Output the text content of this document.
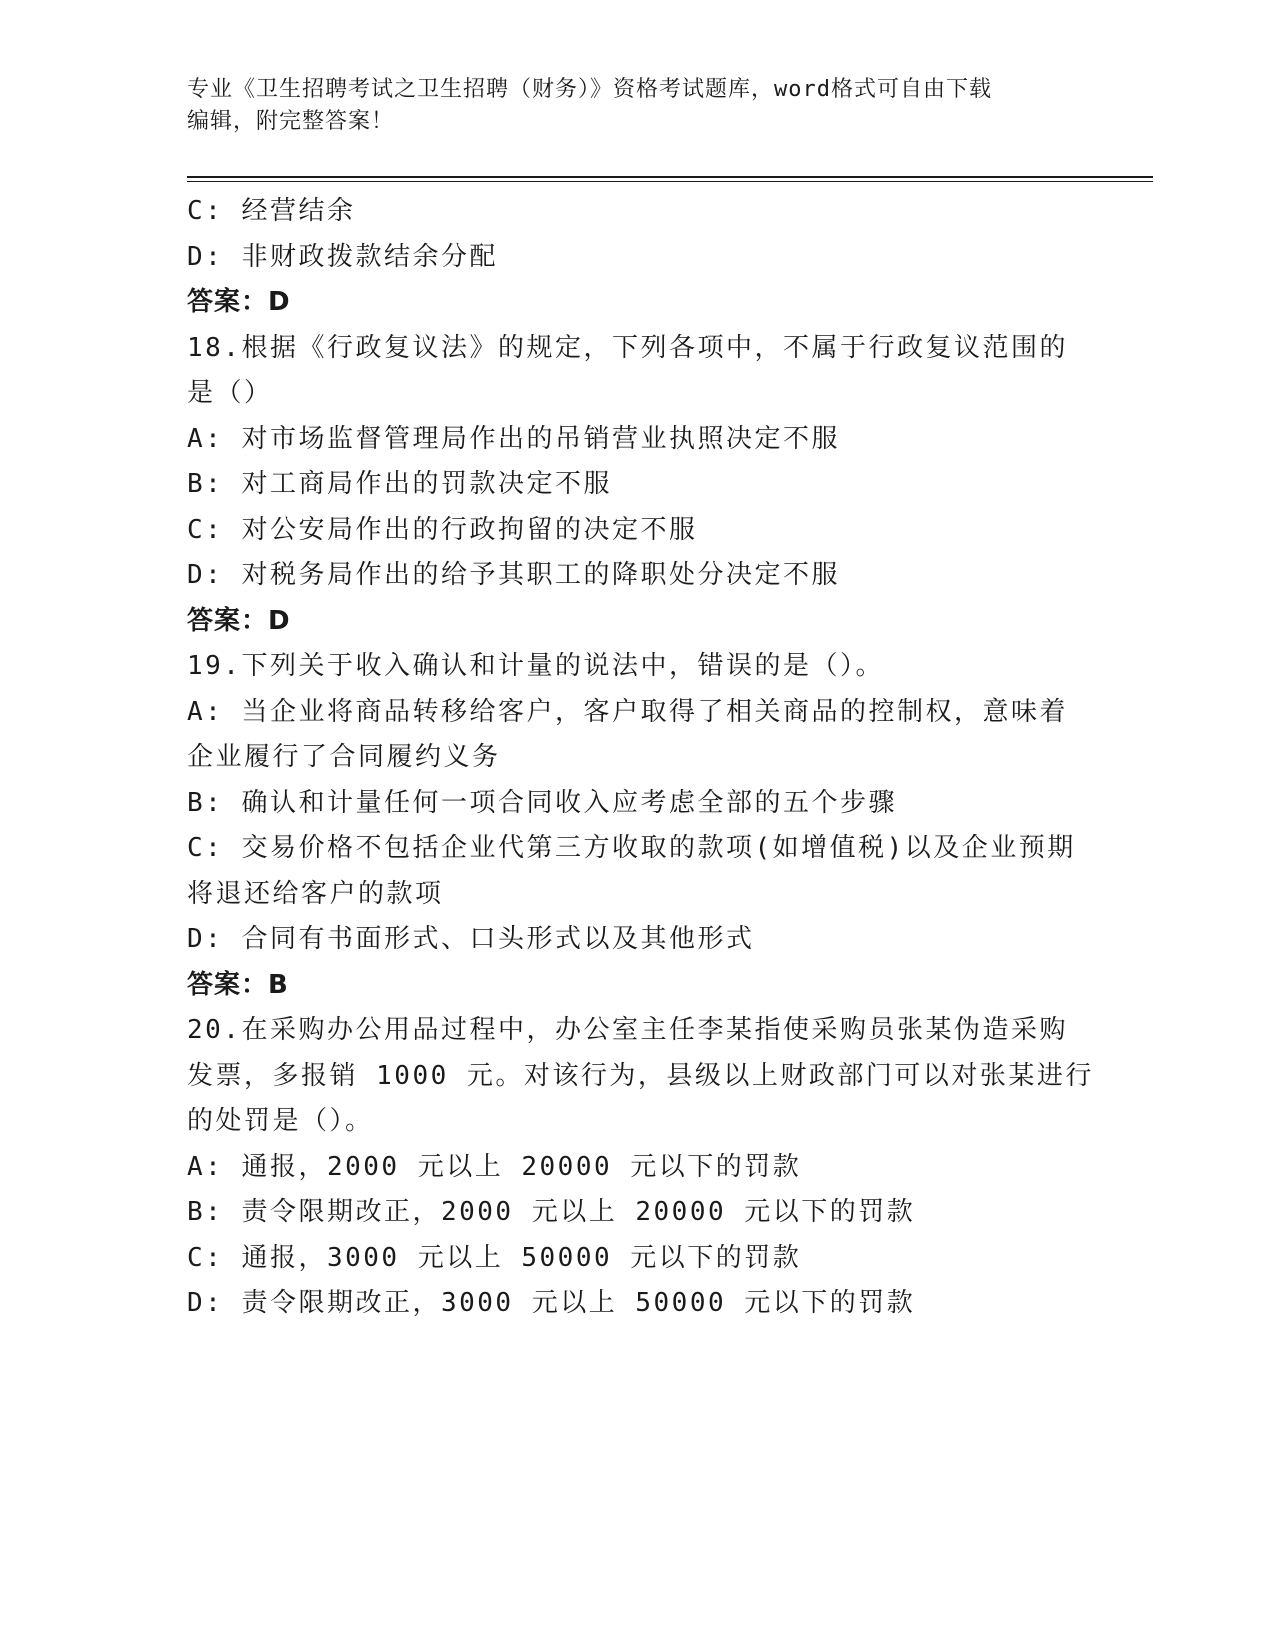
专业《卫生招聘考试之卫生招聘（财务）》资格考试题库，word格式可自由下载
编辑，附完整答案！
C: 经营结余
D: 非财政拨款结余分配
答案：D
18.根据《行政复议法》的规定，下列各项中，不属于行政复议范围的
是（）
A: 对市场监督管理局作出的吊销营业执照决定不服
B: 对工商局作出的罚款决定不服
C: 对公安局作出的行政拘留的决定不服
D: 对税务局作出的给予其职工的降职处分决定不服
答案：D
19.下列关于收入确认和计量的说法中，错误的是（）。
A: 当企业将商品转移给客户，客户取得了相关商品的控制权，意味着
企业履行了合同履约义务
B: 确认和计量任何一项合同收入应考虑全部的五个步骤
C: 交易价格不包括企业代第三方收取的款项(如增值税)以及企业预期
将退还给客户的款项
D: 合同有书面形式、口头形式以及其他形式
答案：B
20.在采购办公用品过程中，办公室主任李某指使采购员张某伪造采购
发票，多报销 1000 元。对该行为，县级以上财政部门可以对张某进行
的处罚是（）。
A: 通报，2000 元以上 20000 元以下的罚款
B: 责令限期改正，2000 元以上 20000 元以下的罚款
C: 通报，3000 元以上 50000 元以下的罚款
D: 责令限期改正，3000 元以上 50000 元以下的罚款
